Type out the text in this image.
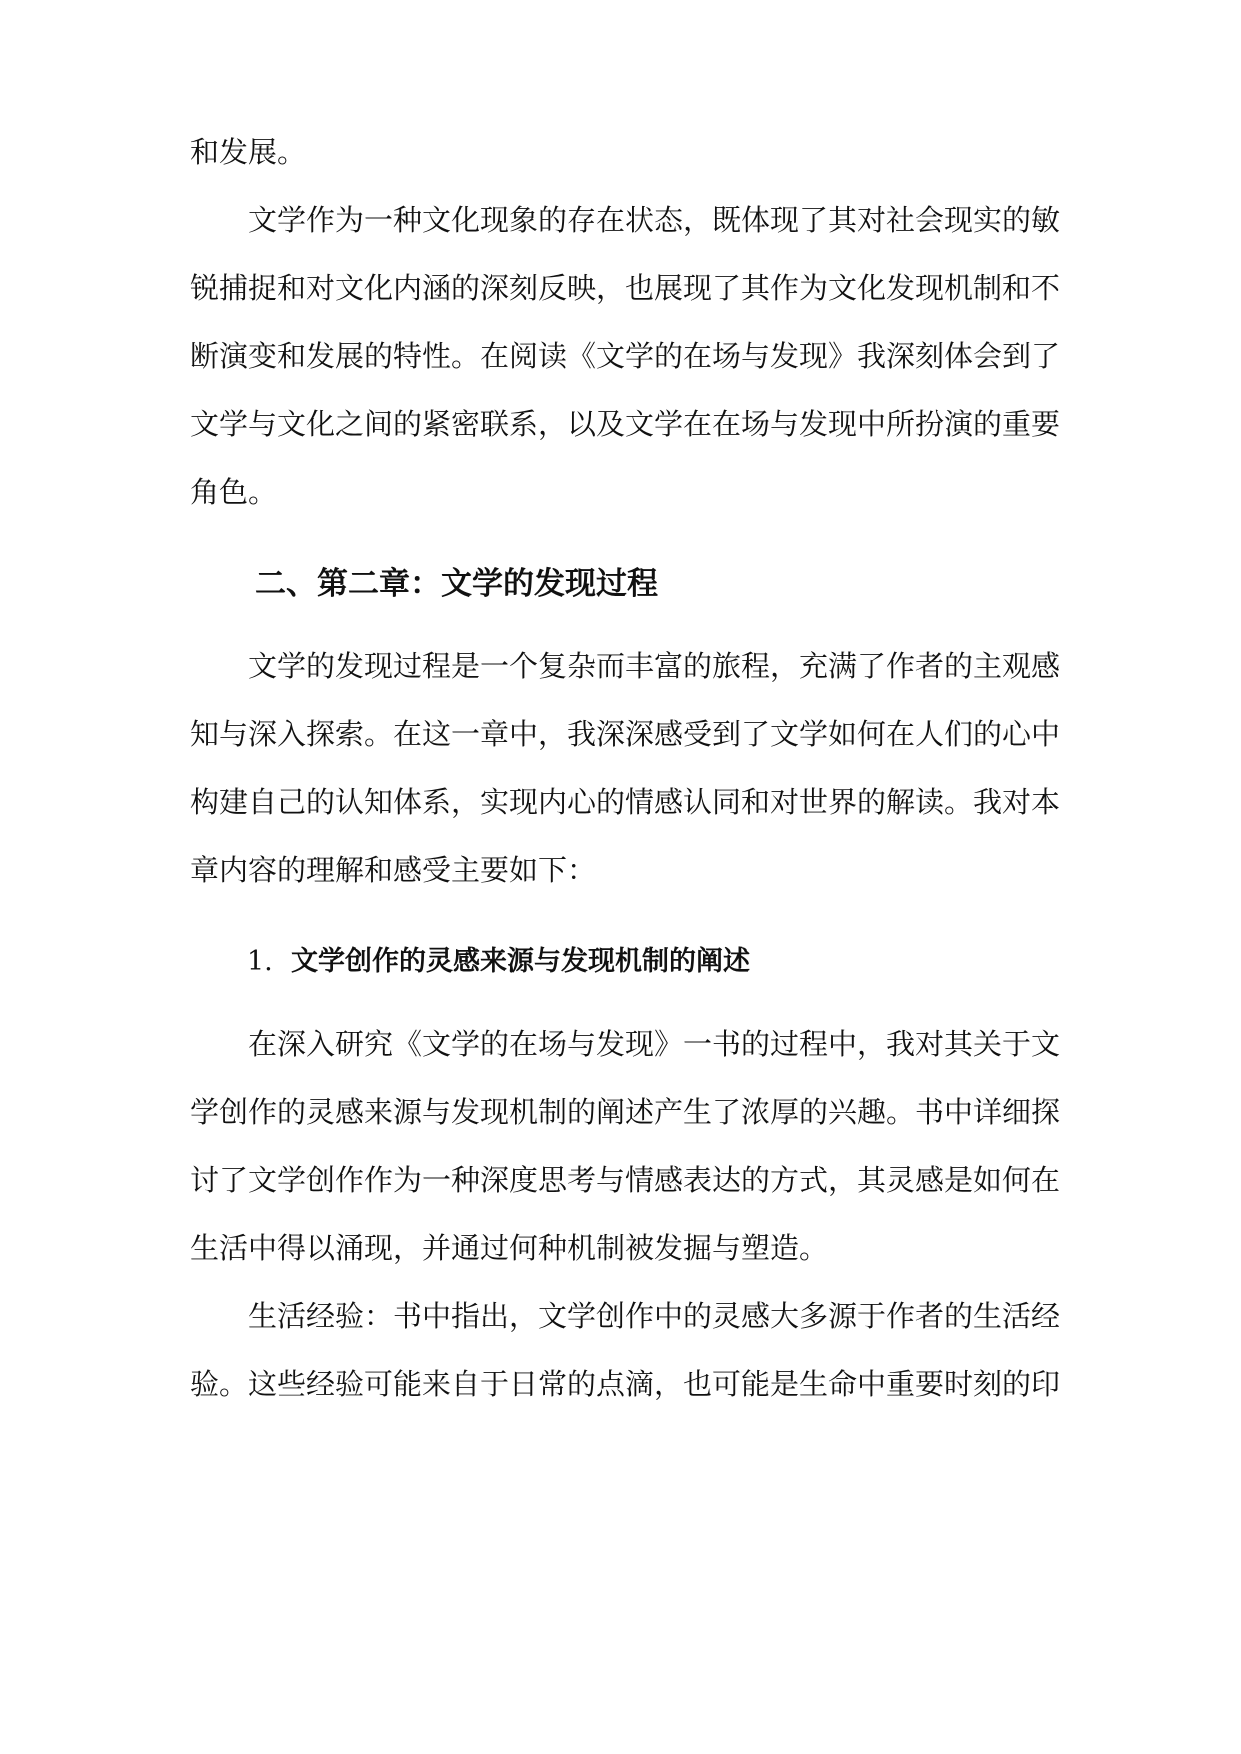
和发展。
文学作为一种文化现象的存在状态，既体现了其对社会现实的敏
锐捕捉和对文化内涵的深刻反映，也展现了其作为文化发现机制和不
断演变和发展的特性。在阅读《文学的在场与发现》我深刻体会到了
文学与文化之间的紧密联系，以及文学在在场与发现中所扮演的重要
角色。
二、第二章：文学的发现过程
文学的发现过程是一个复杂而丰富的旅程，充满了作者的主观感
知与深入探索。在这一章中，我深深感受到了文学如何在人们的心中
构建自己的认知体系，实现内心的情感认同和对世界的解读。我对本
章内容的理解和感受主要如下：
1. 文学创作的灵感来源与发现机制的阐述
在深入研究《文学的在场与发现》一书的过程中，我对其关于文
学创作的灵感来源与发现机制的阐述产生了浓厚的兴趣。书中详细探
讨了文学创作作为一种深度思考与情感表达的方式，其灵感是如何在
生活中得以涌现，并通过何种机制被发掘与塑造。
生活经验：书中指出，文学创作中的灵感大多源于作者的生活经
验。这些经验可能来自于日常的点滴，也可能是生命中重要时刻的印
